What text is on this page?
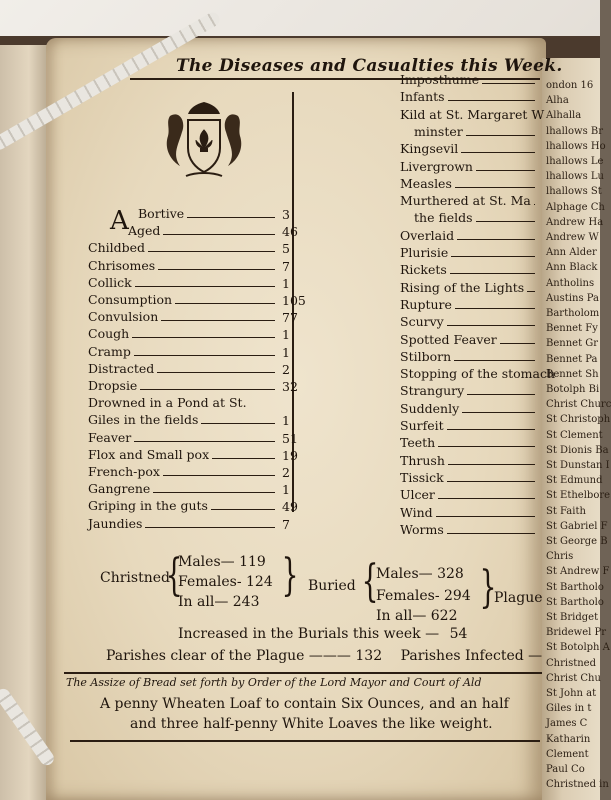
ondon 16
Alha
Alhalla
lhallows Br
lhallows Ho
lhallows Le
lhallows Lu
lhallows St
Alphage Ch
Andrew Ha
Andrew W
Ann Alder
Ann Black
Antholins
Austins Pa
Bartholom
Bennet Fy
Bennet Gr
Bennet Pa
Bennet Sh
Botolph Bi
Christ Churc
St Christoph
St Clement
St Dionis Ba
St Dunstan I
St Edmund
St Ethelbore
St Faith
St Gabriel F
St George B
Chris
St Andrew F
St Bartholo
St Bartholo
St Bridget
Bridewel Pr
St Botolph A
Christned
Christ Chu
St John at
Giles in t
James C
Katharin
Clement
Paul Co
Christned in
The Diseases and Casualties this Week.
A Bortive	3
Aged	46
Childbed	5
Chrisomes	7
Collick	1
Consumption	105
Convulsion	77
Cough	1
Cramp	1
Distracted	2
Dropsie	32
Drowned in a Pond at St.
Giles in the fields	1
Feaver	51
Flox and Small pox	19
French-pox	2
Gangrene	1
Griping in the guts	49
Jaundies	7
Imposthume
Infants
Kild at St. Margaret W
minster
Kingsevil
Livergrown
Measles
Murthered at St. Ma
the fields
Overlaid
Plurisie
Rickets
Rising of the Lights
Rupture
Scurvy
Spotted Feaver
Stilborn
Stopping of the stomach
Strangury
Suddenly
Surfeit
Teeth
Thrush
Tissick
Ulcer
Wind
Worms
Christned
{
Males— 119
Females- 124
In all— 243
} Buried {
Males— 328
Females- 294
In all— 622
}
Plague
Increased in the Burials this week — 54
Parishes clear of the Plague ——— 132 Parishes Infected —
The Assize of Bread set forth by Order of the Lord Mayor and Court of Ald
A penny Wheaten Loaf to contain Six Ounces, and an half
and three half-penny White Loaves the like weight.
